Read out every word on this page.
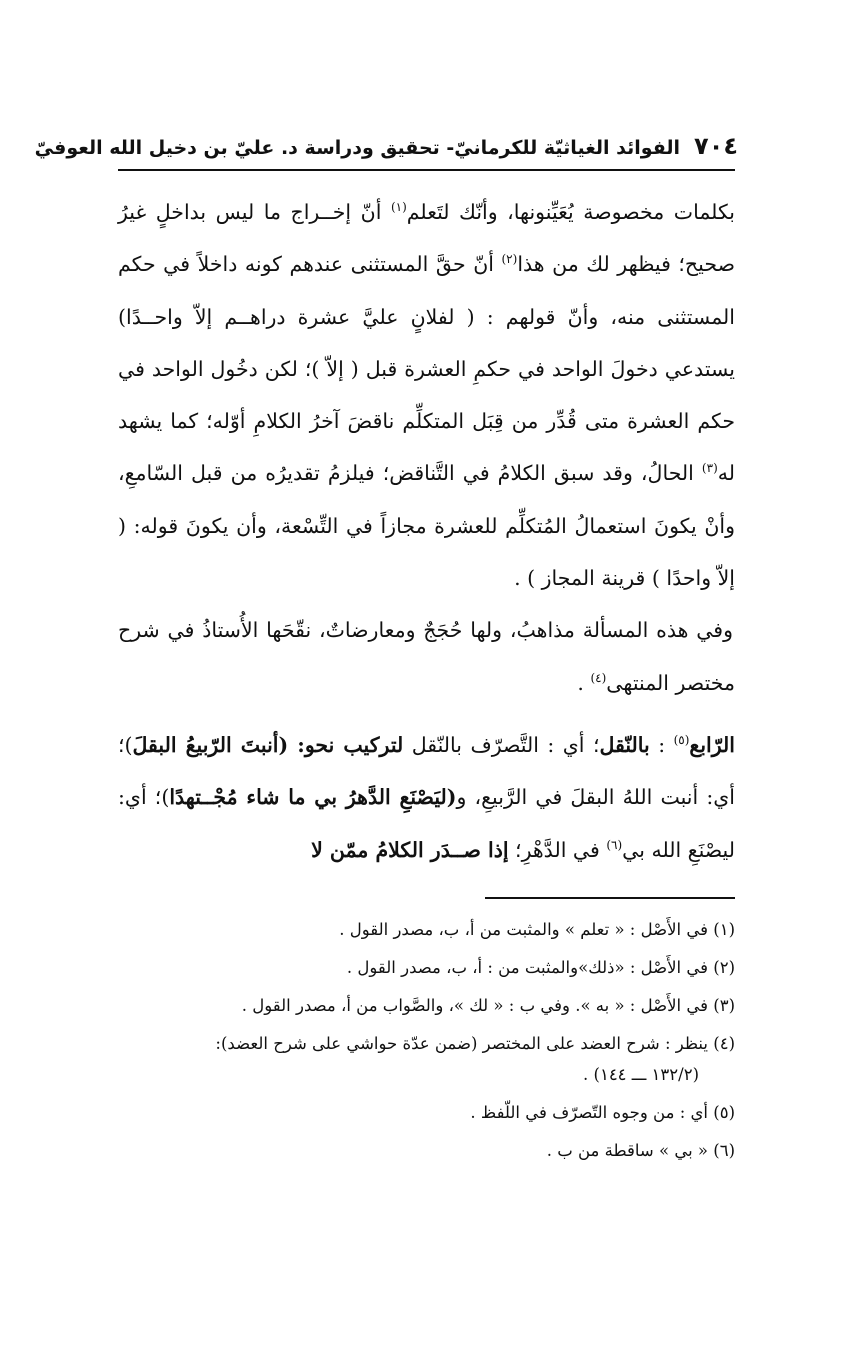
٧٠٤
الفوائد الغياثيّة للكرمانيّ- تحقيق ودراسة د. عليّ بن دخيل الله العوفيّ

بكلمات مخصوصة يُعَيِّنونها، وأنّك لتَعلم$^{(١)}$ أنّ إخــراج ما ليس بداخلٍ غيرُ صحيح؛ فيظهر لك من هذا$^{(٢)}$ أنّ حقَّ المستثنى عندهم كونه داخلاً في حكم المستثنى منه، وأنّ قولهم : ( لفلانٍ عليَّ عشرة دراهــم إلاّ واحــدًا) يستدعي دخولَ الواحد في حكمِ العشرة قبل ( إلاّ )؛ لكن دخُول الواحد في حكم العشرة متى قُدِّر من قِبَل المتكلِّم ناقضَ آخرُ الكلامِ أوّله؛ كما يشهد له$^{(٣)}$ الحالُ، وقد سبق الكلامُ في التَّناقض؛ فيلزمُ تقديرُه من قبل السّامعِ، وأنْ يكونَ استعمالُ المُتكلِّم للعشرة مجازاً في التِّسْعة، وأن يكونَ قوله: ( إلاّ واحدًا ) قرينة المجاز ) .

وفي هذه المسألة مذاهبُ، ولها حُجَجٌ ومعارضاتٌ، نقّحَها الأُستاذُ في شرح مختصر المنتهى$^{(٤)}$ .

الرّابع$^{(٥)}$ : بالنّقل؛ أي : التَّصرّف بالنّقل لتركيب نحو: (أنبتَ الرّبيعُ البقلَ)؛ أي: أنبت اللهُ البقلَ في الرَّبيعِ، و(ليَصْنَعِ الدَّهرُ بي ما شاء مُجْــتهدًا)؛ أي: ليصْنَعِ الله بي$^{(٦)}$ في الدَّهْرِ؛ إذا صــدَر الكلامُ ممّن لا

(١) في الأَصْل : « تعلم » والمثبت من أ، ب، مصدر القول .

(٢) في الأَصْل : «ذلك»والمثبت من : أ، ب، مصدر القول .

(٣) في الأَصْل : « به ». وفي ب : « لك »، والصَّواب من أ، مصدر القول .

(٤) ينظر : شرح العضد على المختصر (ضمن عدّة حواشي على شرح العضد):
(١٣٢/٢ ـــ ١٤٤) .

(٥) أي : من وجوه التّصرّف في اللّفظ .

(٦) « بي » ساقطة من ب .
